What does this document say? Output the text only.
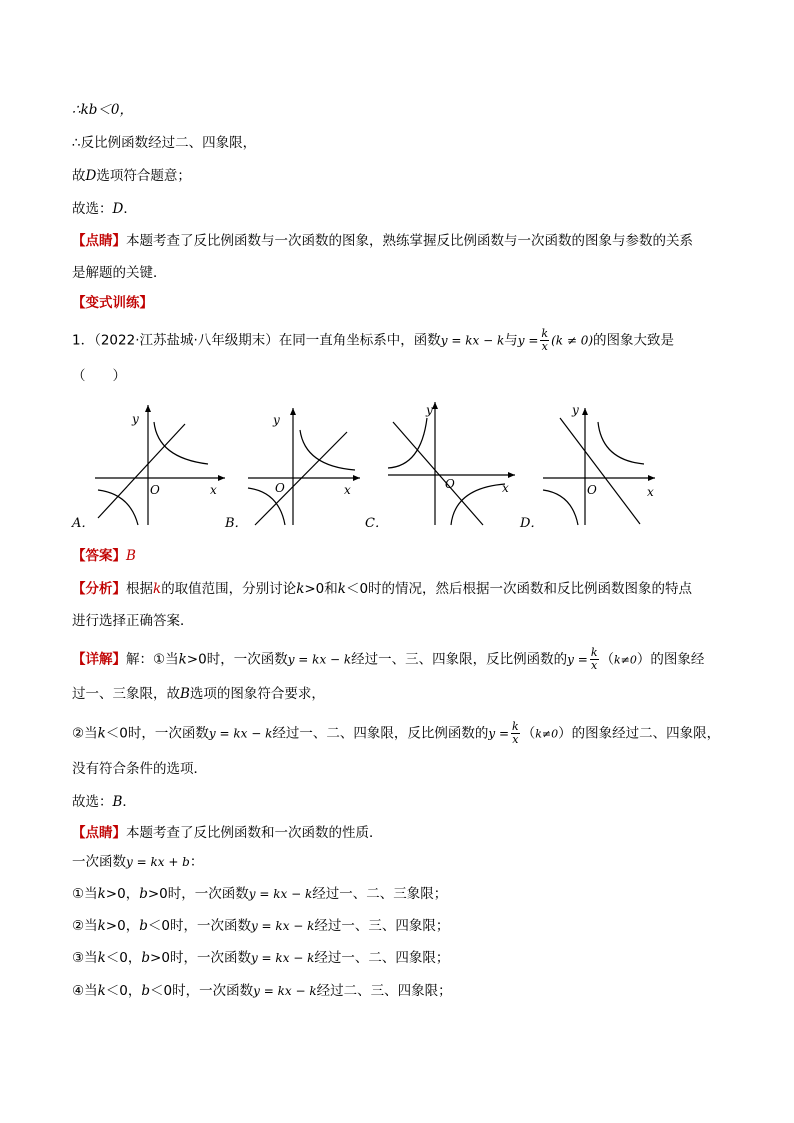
∴kb＜0，
∴反比例函数经过二、四象限，
故D选项符合题意；
故选：D．
【点睛】本题考查了反比例函数与一次函数的图象，熟练掌握反比例函数与一次函数的图象与参数的关系
是解题的关键．
【变式训练】
1．（2022·江苏盐城·八年级期末）在同一直角坐标系中，函数y = kx − k与$y = \frac{k}{x} (k \ne 0)$的图象大致是
（　　）
y
O	x
A．
y
O	x
B．
y
O	x
C．
y
O	x
D．
【答案】B
【分析】根据k的取值范围，分别讨论k>0和k＜0时的情况，然后根据一次函数和反比例函数图象的特点
进行选择正确答案．
【详解】解：①当k>0时，一次函数y = kx − k经过一、三、四象限，反比例函数的$y = \frac{k}{x} (k\ne 0)$的图象经
过一、三象限，故B选项的图象符合要求，
②当k＜0时，一次函数y = kx − k经过一、二、四象限，反比例函数的$y = \frac{k}{x} (k\ne 0)$的图象经过二、四象限，
没有符合条件的选项．
故选：B．
【点睛】本题考查了反比例函数和一次函数的性质．
一次函数y = kx + b：
①当k>0，b>0时，一次函数y = kx − k经过一、二、三象限；
②当k>0，b＜0时，一次函数y = kx − k经过一、三、四象限；
③当k＜0，b>0时，一次函数y = kx − k经过一、二、四象限；
④当k＜0，b＜0时，一次函数y = kx − k经过二、三、四象限；
